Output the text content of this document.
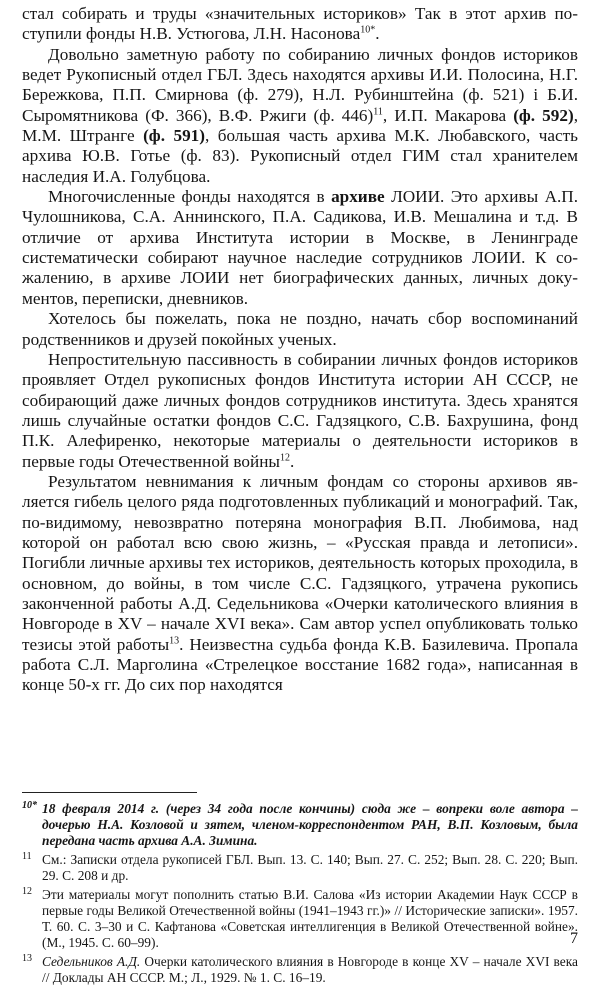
стал собирать и труды «значительных историков» Так в этот архив поступили фонды Н.В. Устюгова, Л.Н. Насонова$^{10*}$.

Довольно заметную работу по собиранию личных фондов историков ведет Рукописный отдел ГБЛ. Здесь находятся архивы И.И. Полосина, Н.Г. Бережкова, П.П. Смирнова (ф. 279), Н.Л. Рубинштейна (ф. 521) і Б.И. Сыромятникова (Ф. 366), В.Ф. Ржиги (ф. 446)$^{11}$, И.П. Макарова (ф. 592), М.М. Штранге (ф. 591), большая часть архива М.К. Любавского, часть архива Ю.В. Готье (ф. 83). Рукописный отдел ГИМ стал хранителем наследия И.А. Голубцова.

Многочисленные фонды находятся в архиве ЛОИИ. Это архивы А.П. Чулошникова, С.А. Аннинского, П.А. Садикова, И.В. Мешалина и т.д. В отличие от архива Института истории в Москве, в Ленинграде систематически собирают научное наследие сотрудников ЛОИИ. К сожалению, в архиве ЛОИИ нет биографических данных, личных документов, переписки, дневников.

Хотелось бы пожелать, пока не поздно, начать сбор воспоминаний родственников и друзей покойных ученых.

Непростительную пассивность в собирании личных фондов историков проявляет Отдел рукописных фондов Института истории АН СССР, не собирающий даже личных фондов сотрудников института. Здесь хранятся лишь случайные остатки фондов С.С. Гадзяцкого, С.В. Бахрушина, фонд П.К. Алефиренко, некоторые материалы о деятельности историков в первые годы Отечественной войны$^{12}$.

Результатом невнимания к личным фондам со стороны архивов является гибель целого ряда подготовленных публикаций и монографий. Так, по-видимому, невозвратно потеряна монография В.П. Любимова, над которой он работал всю свою жизнь, – «Русская правда и летописи». Погибли личные архивы тех историков, деятельность которых проходила, в основном, до войны, в том числе С.С. Гадзяцкого, утрачена рукопись законченной работы А.Д. Седельникова «Очерки католического влияния в Новгороде в XV – начале XVI века». Сам автор успел опубликовать только тезисы этой работы$^{13}$. Неизвестна судьба фонда К.В. Базилевича. Пропала работа С.Л. Марголина «Стрелецкое восстание 1682 года», написанная в конце 50-х гг. До сих пор находятся

10* 18 февраля 2014 г. (через 34 года после кончины) сюда же – вопреки воле автора – дочерью Н.А. Козловой и зятем, членом-корреспондентом РАН, В.П. Козловым, была передана часть архива А.А. Зимина.
11 См.: Записки отдела рукописей ГБЛ. Вып. 13. С. 140; Вып. 27. С. 252; Вып. 28. С. 220; Вып. 29. С. 208 и др.
12 Эти материалы могут пополнить статью В.И. Салова «Из истории Академии Наук СССР в первые годы Великой Отечественной войны (1941–1943 гг.)» // Исторические записки». 1957. Т. 60. С. 3–30 и С. Кафтанова «Советская интеллигенция в Великой Отечественной войне». (М., 1945. С. 60–99).
13 Седельников А.Д. Очерки католического влияния в Новгороде в конце XV – начале XVI века // Доклады АН СССР. М.; Л., 1929. № 1. С. 16–19.
7
